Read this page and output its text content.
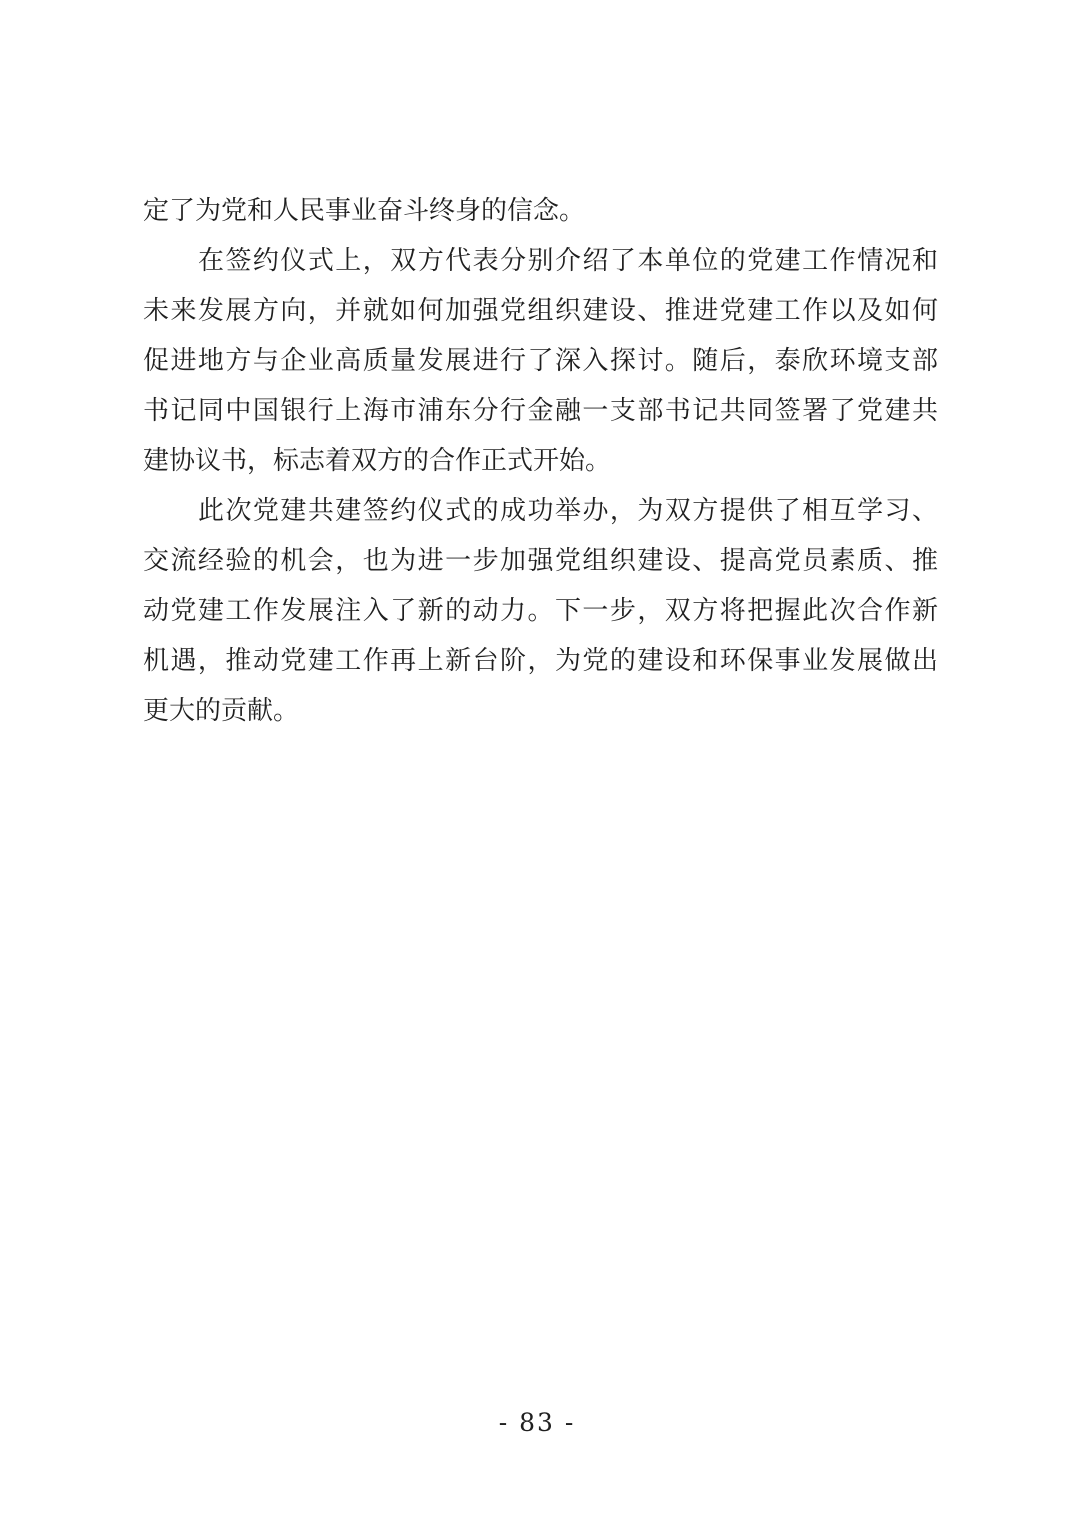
定了为党和人民事业奋斗终身的信念。
在签约仪式上，双方代表分别介绍了本单位的党建工作情况和
未来发展方向，并就如何加强党组织建设、推进党建工作以及如何
促进地方与企业高质量发展进行了深入探讨。随后，泰欣环境支部
书记同中国银行上海市浦东分行金融一支部书记共同签署了党建共
建协议书，标志着双方的合作正式开始。
此次党建共建签约仪式的成功举办，为双方提供了相互学习、
交流经验的机会，也为进一步加强党组织建设、提高党员素质、推
动党建工作发展注入了新的动力。下一步，双方将把握此次合作新
机遇，推动党建工作再上新台阶，为党的建设和环保事业发展做出
更大的贡献。
- 83 -
